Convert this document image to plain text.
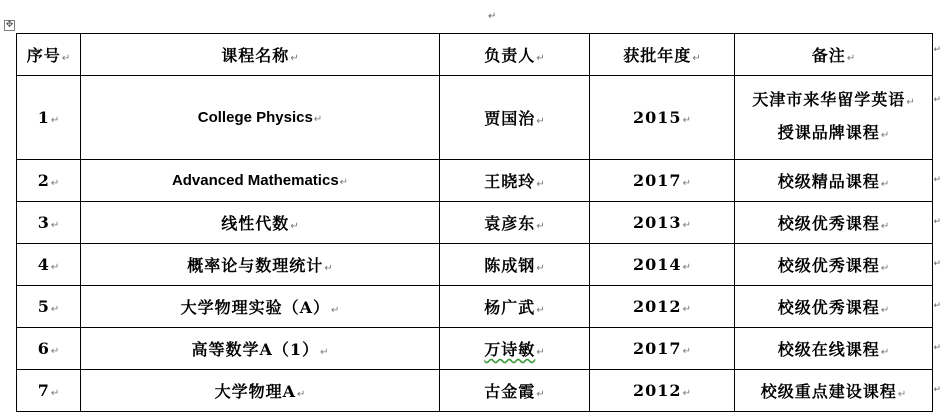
✥
↵
序号↵	课程名称↵	负责人↵	获批年度↵	备注↵
1↵	College Physics↵	贾国治↵	2015↵	天津市来华留学英语↵
授课品牌课程↵
2↵	Advanced Mathematics↵	王晓玲↵	2017↵	校级精品课程↵
3↵	线性代数↵	袁彦东↵	2013↵	校级优秀课程↵
4↵	概率论与数理统计↵	陈成钢↵	2014↵	校级优秀课程↵
5↵	大学物理实验（A）↵	杨广武↵	2012↵	校级优秀课程↵
6↵	高等数学A（1）↵	万诗敏↵	2017↵	校级在线课程↵
7↵	大学物理A↵	古金霞↵	2012↵	校级重点建设课程↵
↵
↵
↵
↵
↵
↵
↵
↵
